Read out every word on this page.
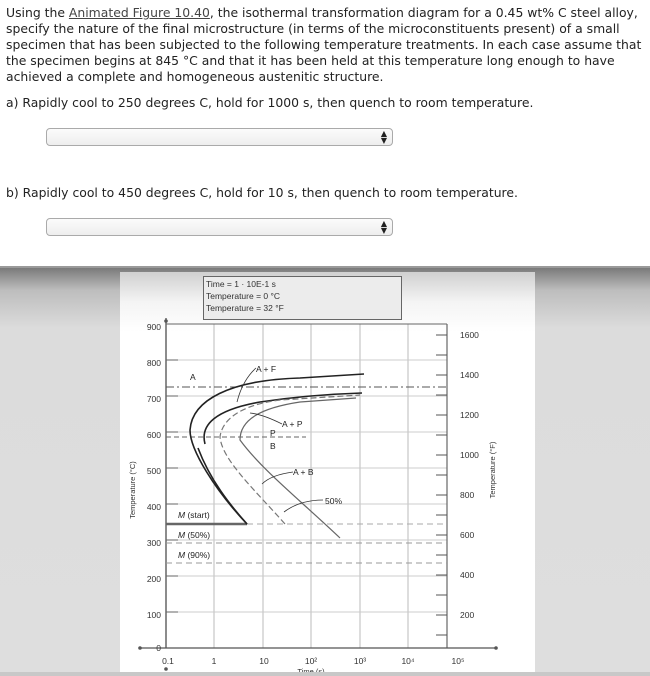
Using the Animated Figure 10.40, the isothermal transformation diagram for a 0.45 wt% C steel alloy, specify the nature of the final microstructure (in terms of the microconstituents present) of a small specimen that has been subjected to the following temperature treatments. In each case assume that the specimen begins at 845 °C and that it has been held at this temperature long enough to have achieved a complete and homogeneous austenitic structure.
a) Rapidly cool to 250 degrees C, hold for 1000 s, then quench to room temperature.
▲
▼
b) Rapidly cool to 450 degrees C, hold for 10 s, then quench to room temperature.
▲
▼
Time = 1 · 10E-1 s
Temperature = 0 °C
Temperature = 32 °F
900
800
700
600
500
400
300
200
100
0
1600
1400
1200
1000
800
600
400
200
0.1	1	10	10²	10³	10⁴	10⁵
Temperature (°C)	Temperature (°F)
A
A + F
A + P
P
B
A + B
50%
M (start)
M (50%)
M (90%)
